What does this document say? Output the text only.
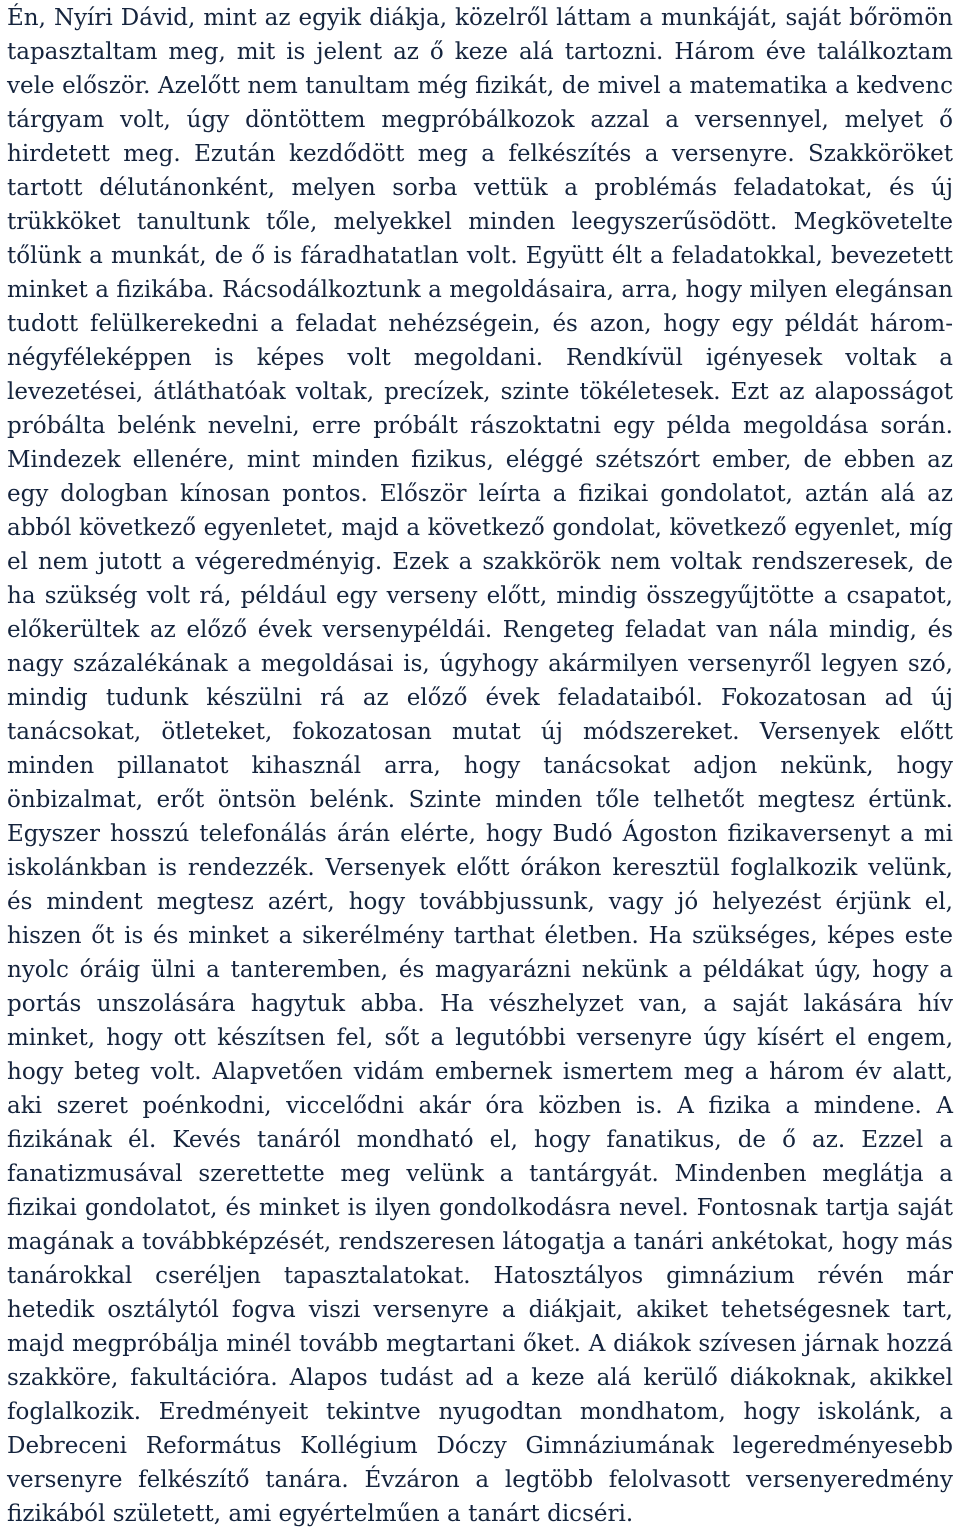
Én, Nyíri Dávid, mint az egyik diákja, közelről láttam a munkáját, saját bőrömön tapasztaltam meg, mit is jelent az ő keze alá tartozni. Három éve találkoztam vele először. Azelőtt nem tanultam még fizikát, de mivel a matematika a kedvenc tárgyam volt, úgy döntöttem megpróbálkozok azzal a versennyel, melyet ő hirdetett meg. Ezután kezdődött meg a felkészítés a versenyre. Szakköröket tartott délutánonként, melyen sorba vettük a problémás feladatokat, és új trükköket tanultunk tőle, melyekkel minden leegyszerűsödött. Megkövetelte tőlünk a munkát, de ő is fáradhatatlan volt. Együtt élt a feladatokkal, bevezetett minket a fizikába. Rácsodálkoztunk a megoldásaira, arra, hogy milyen elegánsan tudott felülkerekedni a feladat nehézségein, és azon, hogy egy példát három-négyféleképpen is képes volt megoldani. Rendkívül igényesek voltak a levezetései, átláthatóak voltak, precízek, szinte tökéletesek. Ezt az alaposságot próbálta belénk nevelni, erre próbált rászoktatni egy példa megoldása során. Mindezek ellenére, mint minden fizikus, eléggé szétszórt ember, de ebben az egy dologban kínosan pontos. Először leírta a fizikai gondolatot, aztán alá az abból következő egyenletet, majd a következő gondolat, következő egyenlet, míg el nem jutott a végeredményig. Ezek a szakkörök nem voltak rendszeresek, de ha szükség volt rá, például egy verseny előtt, mindig összegyűjtötte a csapatot, előkerültek az előző évek versenypéldái. Rengeteg feladat van nála mindig, és nagy százalékának a megoldásai is, úgyhogy akármilyen versenyről legyen szó, mindig tudunk készülni rá az előző évek feladataiból. Fokozatosan ad új tanácsokat, ötleteket, fokozatosan mutat új módszereket. Versenyek előtt minden pillanatot kihasznál arra, hogy tanácsokat adjon nekünk, hogy önbizalmat, erőt öntsön belénk. Szinte minden tőle telhetőt megtesz értünk. Egyszer hosszú telefonálás árán elérte, hogy Budó Ágoston fizikaversenyt a mi iskolánkban is rendezzék. Versenyek előtt órákon keresztül foglalkozik velünk, és mindent megtesz azért, hogy továbbjussunk, vagy jó helyezést érjünk el, hiszen őt is és minket a sikerélmény tarthat életben. Ha szükséges, képes este nyolc óráig ülni a tanteremben, és magyarázni nekünk a példákat úgy, hogy a portás unszolására hagytuk abba. Ha vészhelyzet van, a saját lakására hív minket, hogy ott készítsen fel, sőt a legutóbbi versenyre úgy kísért el engem, hogy beteg volt. Alapvetően vidám embernek ismertem meg a három év alatt, aki szeret poénkodni, viccelődni akár óra közben is. A fizika a mindene. A fizikának él. Kevés tanáról mondható el, hogy fanatikus, de ő az. Ezzel a fanatizmusával szerettette meg velünk a tantárgyát. Mindenben meglátja a fizikai gondolatot, és minket is ilyen gondolkodásra nevel. Fontosnak tartja saját magának a továbbképzését, rendszeresen látogatja a tanári ankétokat, hogy más tanárokkal cseréljen tapasztalatokat. Hatosztályos gimnázium révén már hetedik osztálytól fogva viszi versenyre a diákjait, akiket tehetségesnek tart, majd megpróbálja minél tovább megtartani őket. A diákok szívesen járnak hozzá szakköre, fakultációra. Alapos tudást ad a keze alá kerülő diákoknak, akikkel foglalkozik. Eredményeit tekintve nyugodtan mondhatom, hogy iskolánk, a Debreceni Református Kollégium Dóczy Gimnáziumának legeredményesebb versenyre felkészítő tanára. Évzáron a legtöbb felolvasott versenyeredmény fizikából született, ami egyértelműen a tanárt dicséri.
